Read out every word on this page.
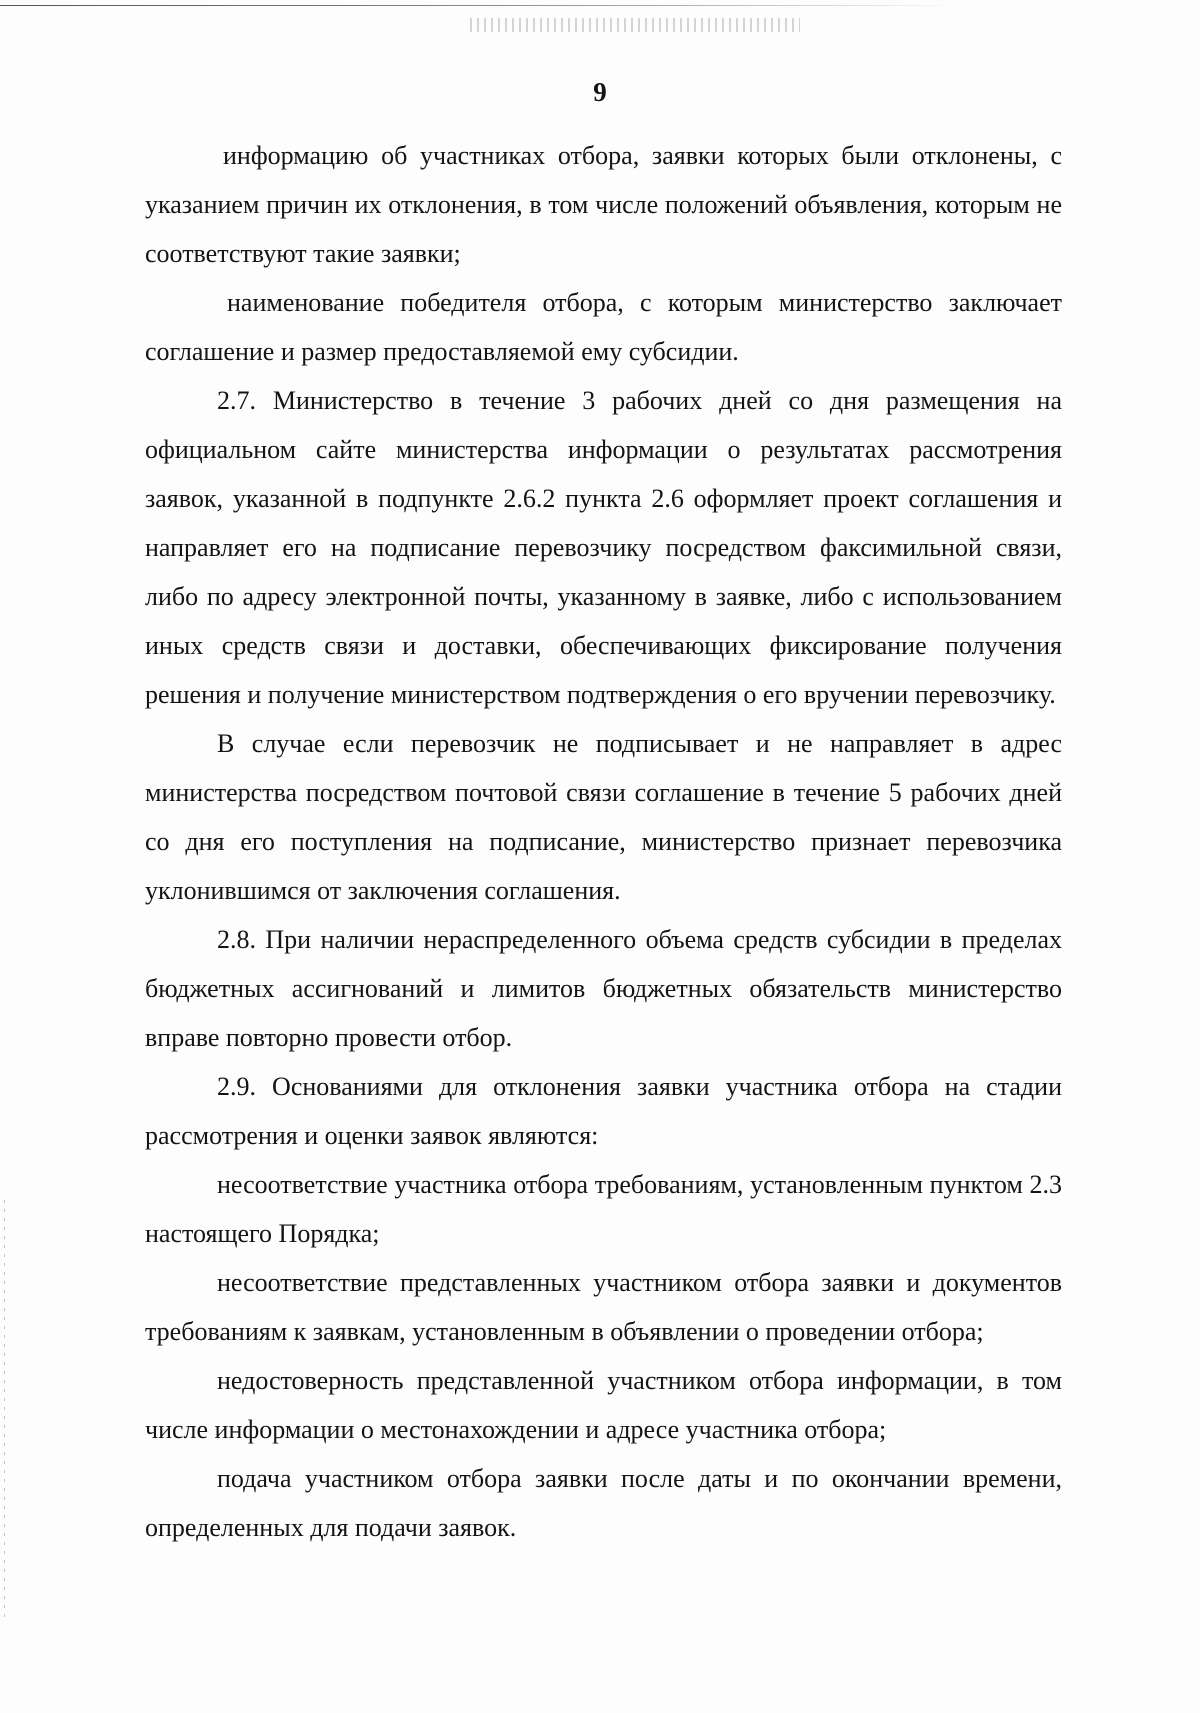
9

информацию об участниках отбора, заявки которых были отклонены, с указанием причин их отклонения, в том числе положений объявления, которым не соответствуют такие заявки;

наименование победителя отбора, с которым министерство заключает соглашение и размер предоставляемой ему субсидии.

2.7. Министерство в течение 3 рабочих дней со дня размещения на официальном сайте министерства информации о результатах рассмотрения заявок, указанной в подпункте 2.6.2 пункта 2.6 оформляет проект соглашения и направляет его на подписание перевозчику посредством факсимильной связи, либо по адресу электронной почты, указанному в заявке, либо с использованием иных средств связи и доставки, обеспечивающих фиксирование получения решения и получение министерством подтверждения о его вручении перевозчику.

В случае если перевозчик не подписывает и не направляет в адрес министерства посредством почтовой связи соглашение в течение 5 рабочих дней со дня его поступления на подписание, министерство признает перевозчика уклонившимся от заключения соглашения.

2.8. При наличии нераспределенного объема средств субсидии в пределах бюджетных ассигнований и лимитов бюджетных обязательств министерство вправе повторно провести отбор.

2.9. Основаниями для отклонения заявки участника отбора на стадии рассмотрения и оценки заявок являются:

несоответствие участника отбора требованиям, установленным пунктом 2.3 настоящего Порядка;

несоответствие представленных участником отбора заявки и документов требованиям к заявкам, установленным в объявлении о проведении отбора;

недостоверность представленной участником отбора информации, в том числе информации о местонахождении и адресе участника отбора;

подача участником отбора заявки после даты и по окончании времени, определенных для подачи заявок.
